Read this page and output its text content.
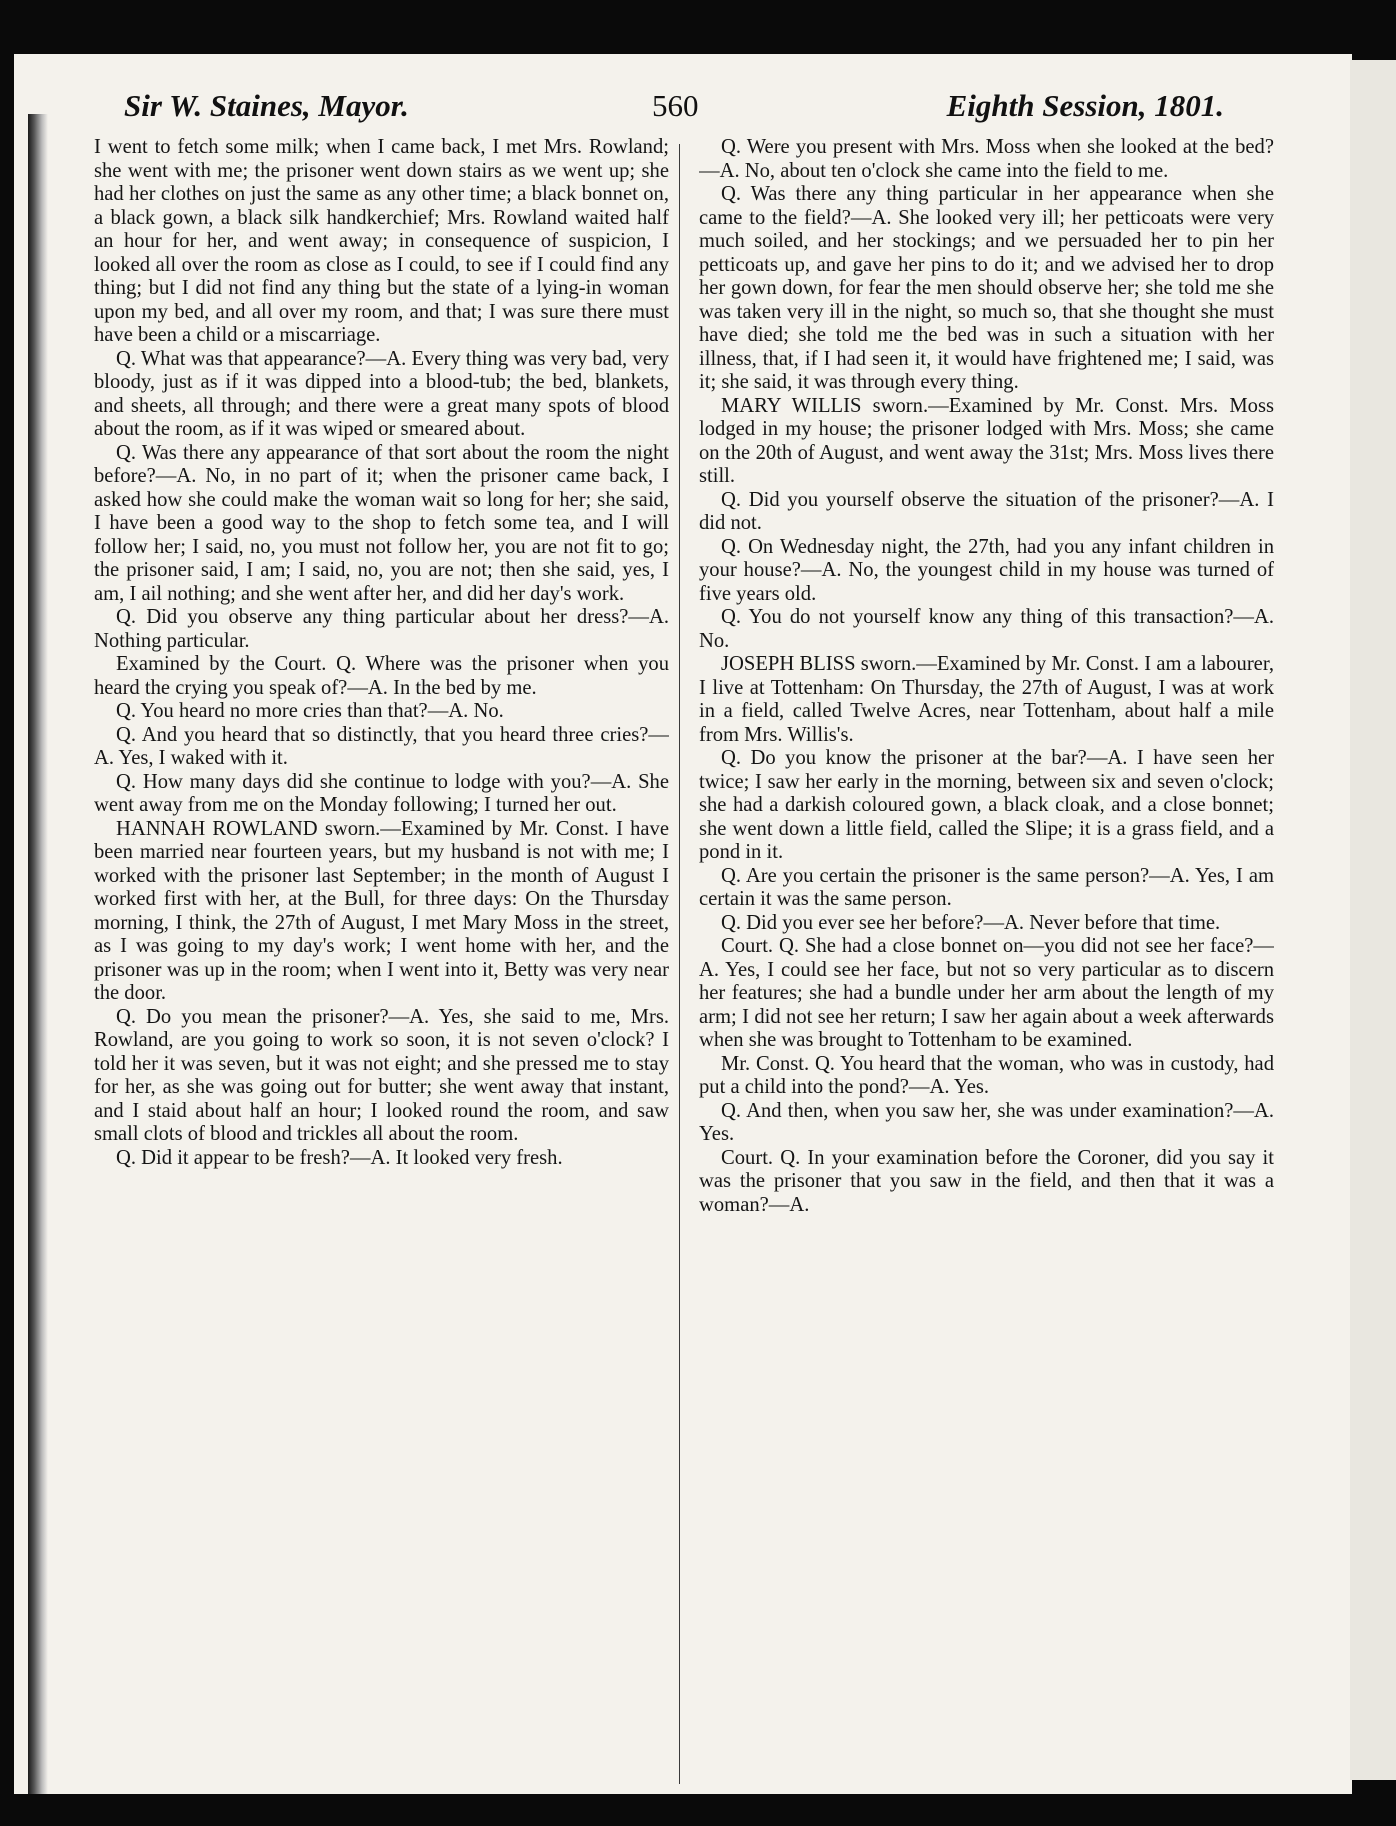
Sir W. Staines, Mayor.	560	Eighth Session, 1801.

I went to fetch some milk; when I came back, I met Mrs. Rowland; she went with me; the prisoner went down stairs as we went up; she had her clothes on just the same as any other time; a black bonnet on, a black gown, a black silk handkerchief; Mrs. Rowland waited half an hour for her, and went away; in consequence of suspicion, I looked all over the room as close as I could, to see if I could find any thing; but I did not find any thing but the state of a lying-in woman upon my bed, and all over my room, and that; I was sure there must have been a child or a miscarriage.

Q. What was that appearance?—A. Every thing was very bad, very bloody, just as if it was dipped into a blood-tub; the bed, blankets, and sheets, all through; and there were a great many spots of blood about the room, as if it was wiped or smeared about.

Q. Was there any appearance of that sort about the room the night before?—A. No, in no part of it; when the prisoner came back, I asked how she could make the woman wait so long for her; she said, I have been a good way to the shop to fetch some tea, and I will follow her; I said, no, you must not follow her, you are not fit to go; the prisoner said, I am; I said, no, you are not; then she said, yes, I am, I ail nothing; and she went after her, and did her day's work.

Q. Did you observe any thing particular about her dress?—A. Nothing particular.

Examined by the Court. Q. Where was the prisoner when you heard the crying you speak of?—A. In the bed by me.

Q. You heard no more cries than that?—A. No.

Q. And you heard that so distinctly, that you heard three cries?—A. Yes, I waked with it.

Q. How many days did she continue to lodge with you?—A. She went away from me on the Monday following; I turned her out.

HANNAH ROWLAND sworn.—Examined by Mr. Const. I have been married near fourteen years, but my husband is not with me; I worked with the prisoner last September; in the month of August I worked first with her, at the Bull, for three days: On the Thursday morning, I think, the 27th of August, I met Mary Moss in the street, as I was going to my day's work; I went home with her, and the prisoner was up in the room; when I went into it, Betty was very near the door.

Q. Do you mean the prisoner?—A. Yes, she said to me, Mrs. Rowland, are you going to work so soon, it is not seven o'clock? I told her it was seven, but it was not eight; and she pressed me to stay for her, as she was going out for butter; she went away that instant, and I staid about half an hour; I looked round the room, and saw small clots of blood and trickles all about the room.

Q. Did it appear to be fresh?—A. It looked very fresh.

Q. Were you present with Mrs. Moss when she looked at the bed?—A. No, about ten o'clock she came into the field to me.

Q. Was there any thing particular in her appearance when she came to the field?—A. She looked very ill; her petticoats were very much soiled, and her stockings; and we persuaded her to pin her petticoats up, and gave her pins to do it; and we advised her to drop her gown down, for fear the men should observe her; she told me she was taken very ill in the night, so much so, that she thought she must have died; she told me the bed was in such a situation with her illness, that, if I had seen it, it would have frightened me; I said, was it; she said, it was through every thing.

MARY WILLIS sworn.—Examined by Mr. Const. Mrs. Moss lodged in my house; the prisoner lodged with Mrs. Moss; she came on the 20th of August, and went away the 31st; Mrs. Moss lives there still.

Q. Did you yourself observe the situation of the prisoner?—A. I did not.

Q. On Wednesday night, the 27th, had you any infant children in your house?—A. No, the youngest child in my house was turned of five years old.

Q. You do not yourself know any thing of this transaction?—A. No.

JOSEPH BLISS sworn.—Examined by Mr. Const. I am a labourer, I live at Tottenham: On Thursday, the 27th of August, I was at work in a field, called Twelve Acres, near Tottenham, about half a mile from Mrs. Willis's.

Q. Do you know the prisoner at the bar?—A. I have seen her twice; I saw her early in the morning, between six and seven o'clock; she had a darkish coloured gown, a black cloak, and a close bonnet; she went down a little field, called the Slipe; it is a grass field, and a pond in it.

Q. Are you certain the prisoner is the same person?—A. Yes, I am certain it was the same person.

Q. Did you ever see her before?—A. Never before that time.

Court. Q. She had a close bonnet on—you did not see her face?—A. Yes, I could see her face, but not so very particular as to discern her features; she had a bundle under her arm about the length of my arm; I did not see her return; I saw her again about a week afterwards when she was brought to Tottenham to be examined.

Mr. Const. Q. You heard that the woman, who was in custody, had put a child into the pond?—A. Yes.

Q. And then, when you saw her, she was under examination?—A. Yes.

Court. Q. In your examination before the Coroner, did you say it was the prisoner that you saw in the field, and then that it was a woman?—A.
